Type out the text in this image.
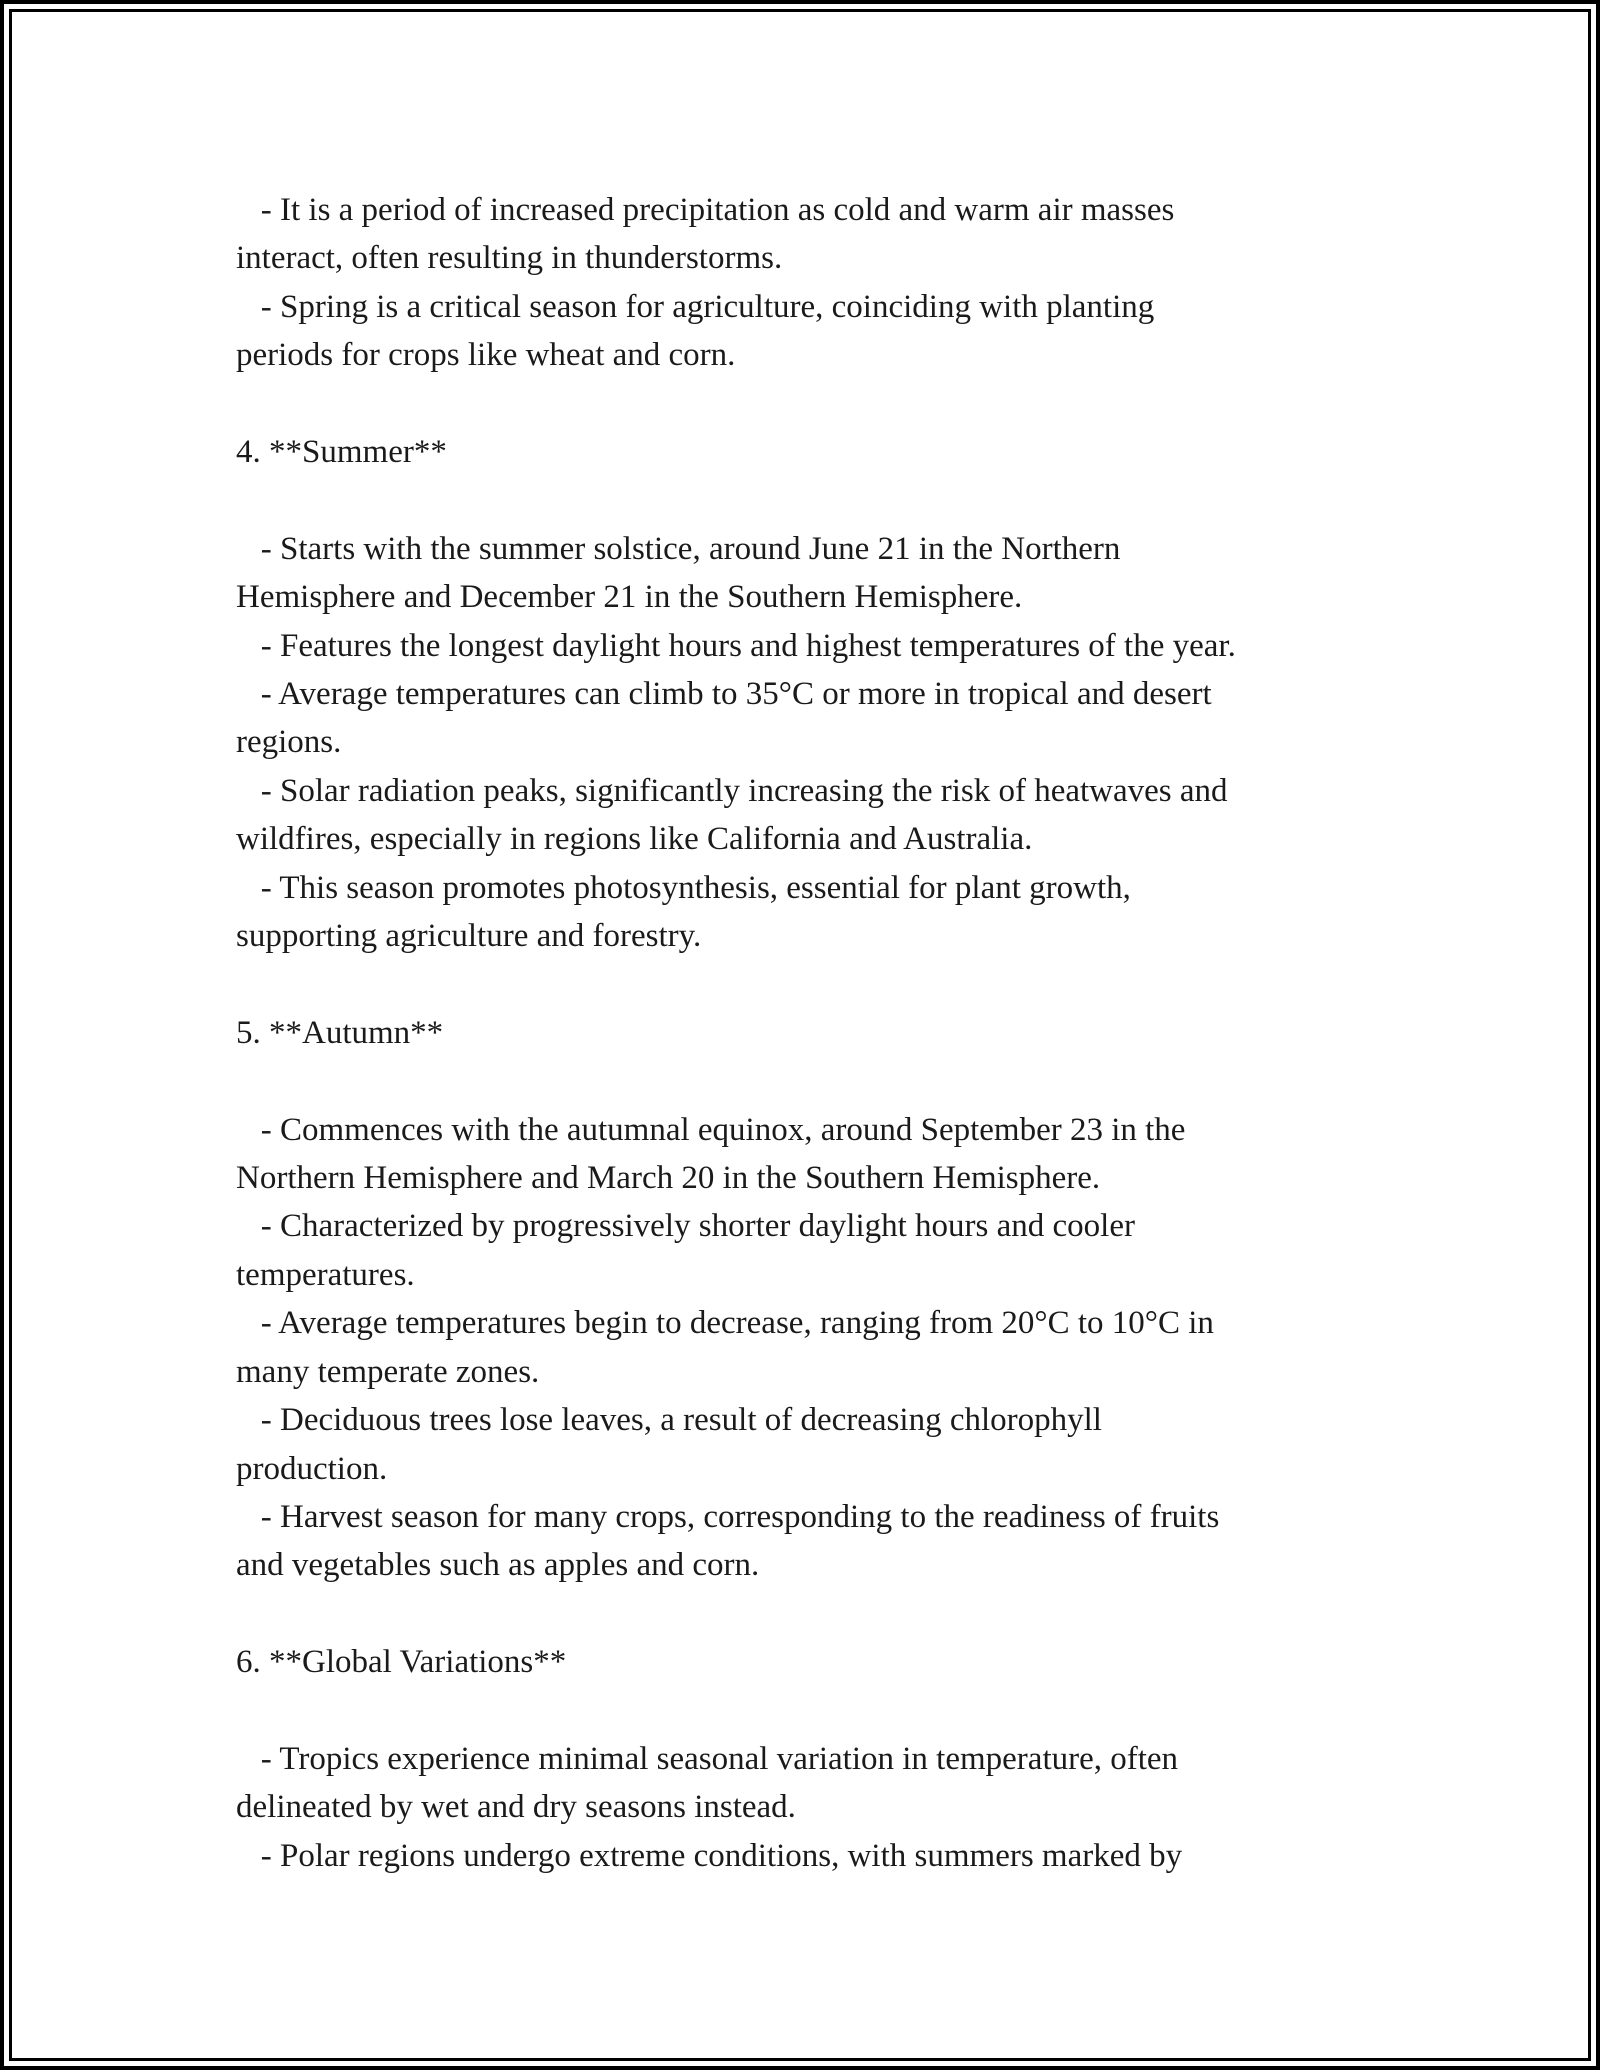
- It is a period of increased precipitation as cold and warm air masses
interact, often resulting in thunderstorms.
- Spring is a critical season for agriculture, coinciding with planting
periods for crops like wheat and corn.
4. **Summer**
- Starts with the summer solstice, around June 21 in the Northern
Hemisphere and December 21 in the Southern Hemisphere.
- Features the longest daylight hours and highest temperatures of the year.
- Average temperatures can climb to 35°C or more in tropical and desert
regions.
- Solar radiation peaks, significantly increasing the risk of heatwaves and
wildfires, especially in regions like California and Australia.
- This season promotes photosynthesis, essential for plant growth,
supporting agriculture and forestry.
5. **Autumn**
- Commences with the autumnal equinox, around September 23 in the
Northern Hemisphere and March 20 in the Southern Hemisphere.
- Characterized by progressively shorter daylight hours and cooler
temperatures.
- Average temperatures begin to decrease, ranging from 20°C to 10°C in
many temperate zones.
- Deciduous trees lose leaves, a result of decreasing chlorophyll
production.
- Harvest season for many crops, corresponding to the readiness of fruits
and vegetables such as apples and corn.
6. **Global Variations**
- Tropics experience minimal seasonal variation in temperature, often
delineated by wet and dry seasons instead.
- Polar regions undergo extreme conditions, with summers marked by
